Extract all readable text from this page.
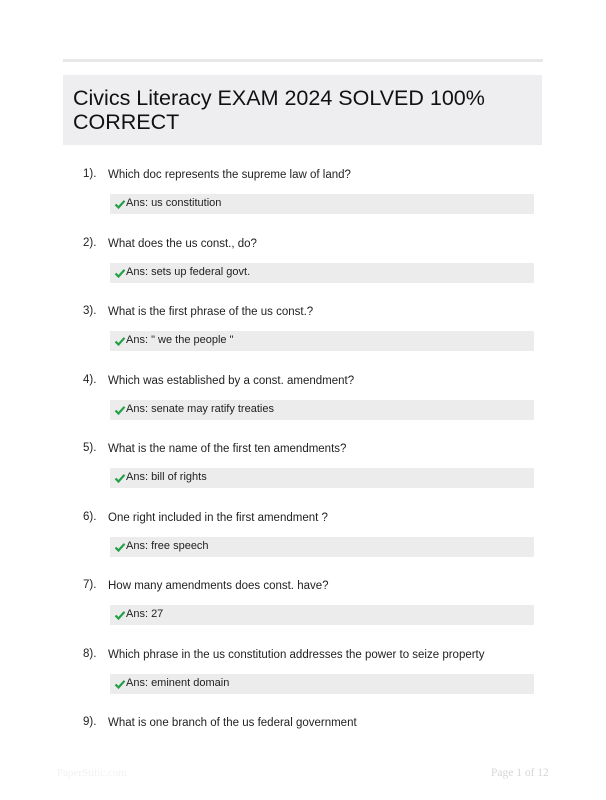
Civics Literacy EXAM 2024 SOLVED 100% CORRECT
1). Which doc represents the supreme law of land?
Ans: us constitution
2). What does the us const., do?
Ans: sets up federal govt.
3). What is the first phrase of the us const.?
Ans: " we the people "
4). Which was established by a const. amendment?
Ans: senate may ratify treaties
5). What is the name of the first ten amendments?
Ans: bill of rights
6). One right included in the first amendment ?
Ans: free speech
7). How many amendments does const. have?
Ans: 27
8). Which phrase in the us constitution addresses the power to seize property
Ans: eminent domain
9). What is one branch of the us federal government
PaperStitic.com	Page 1 of 12
